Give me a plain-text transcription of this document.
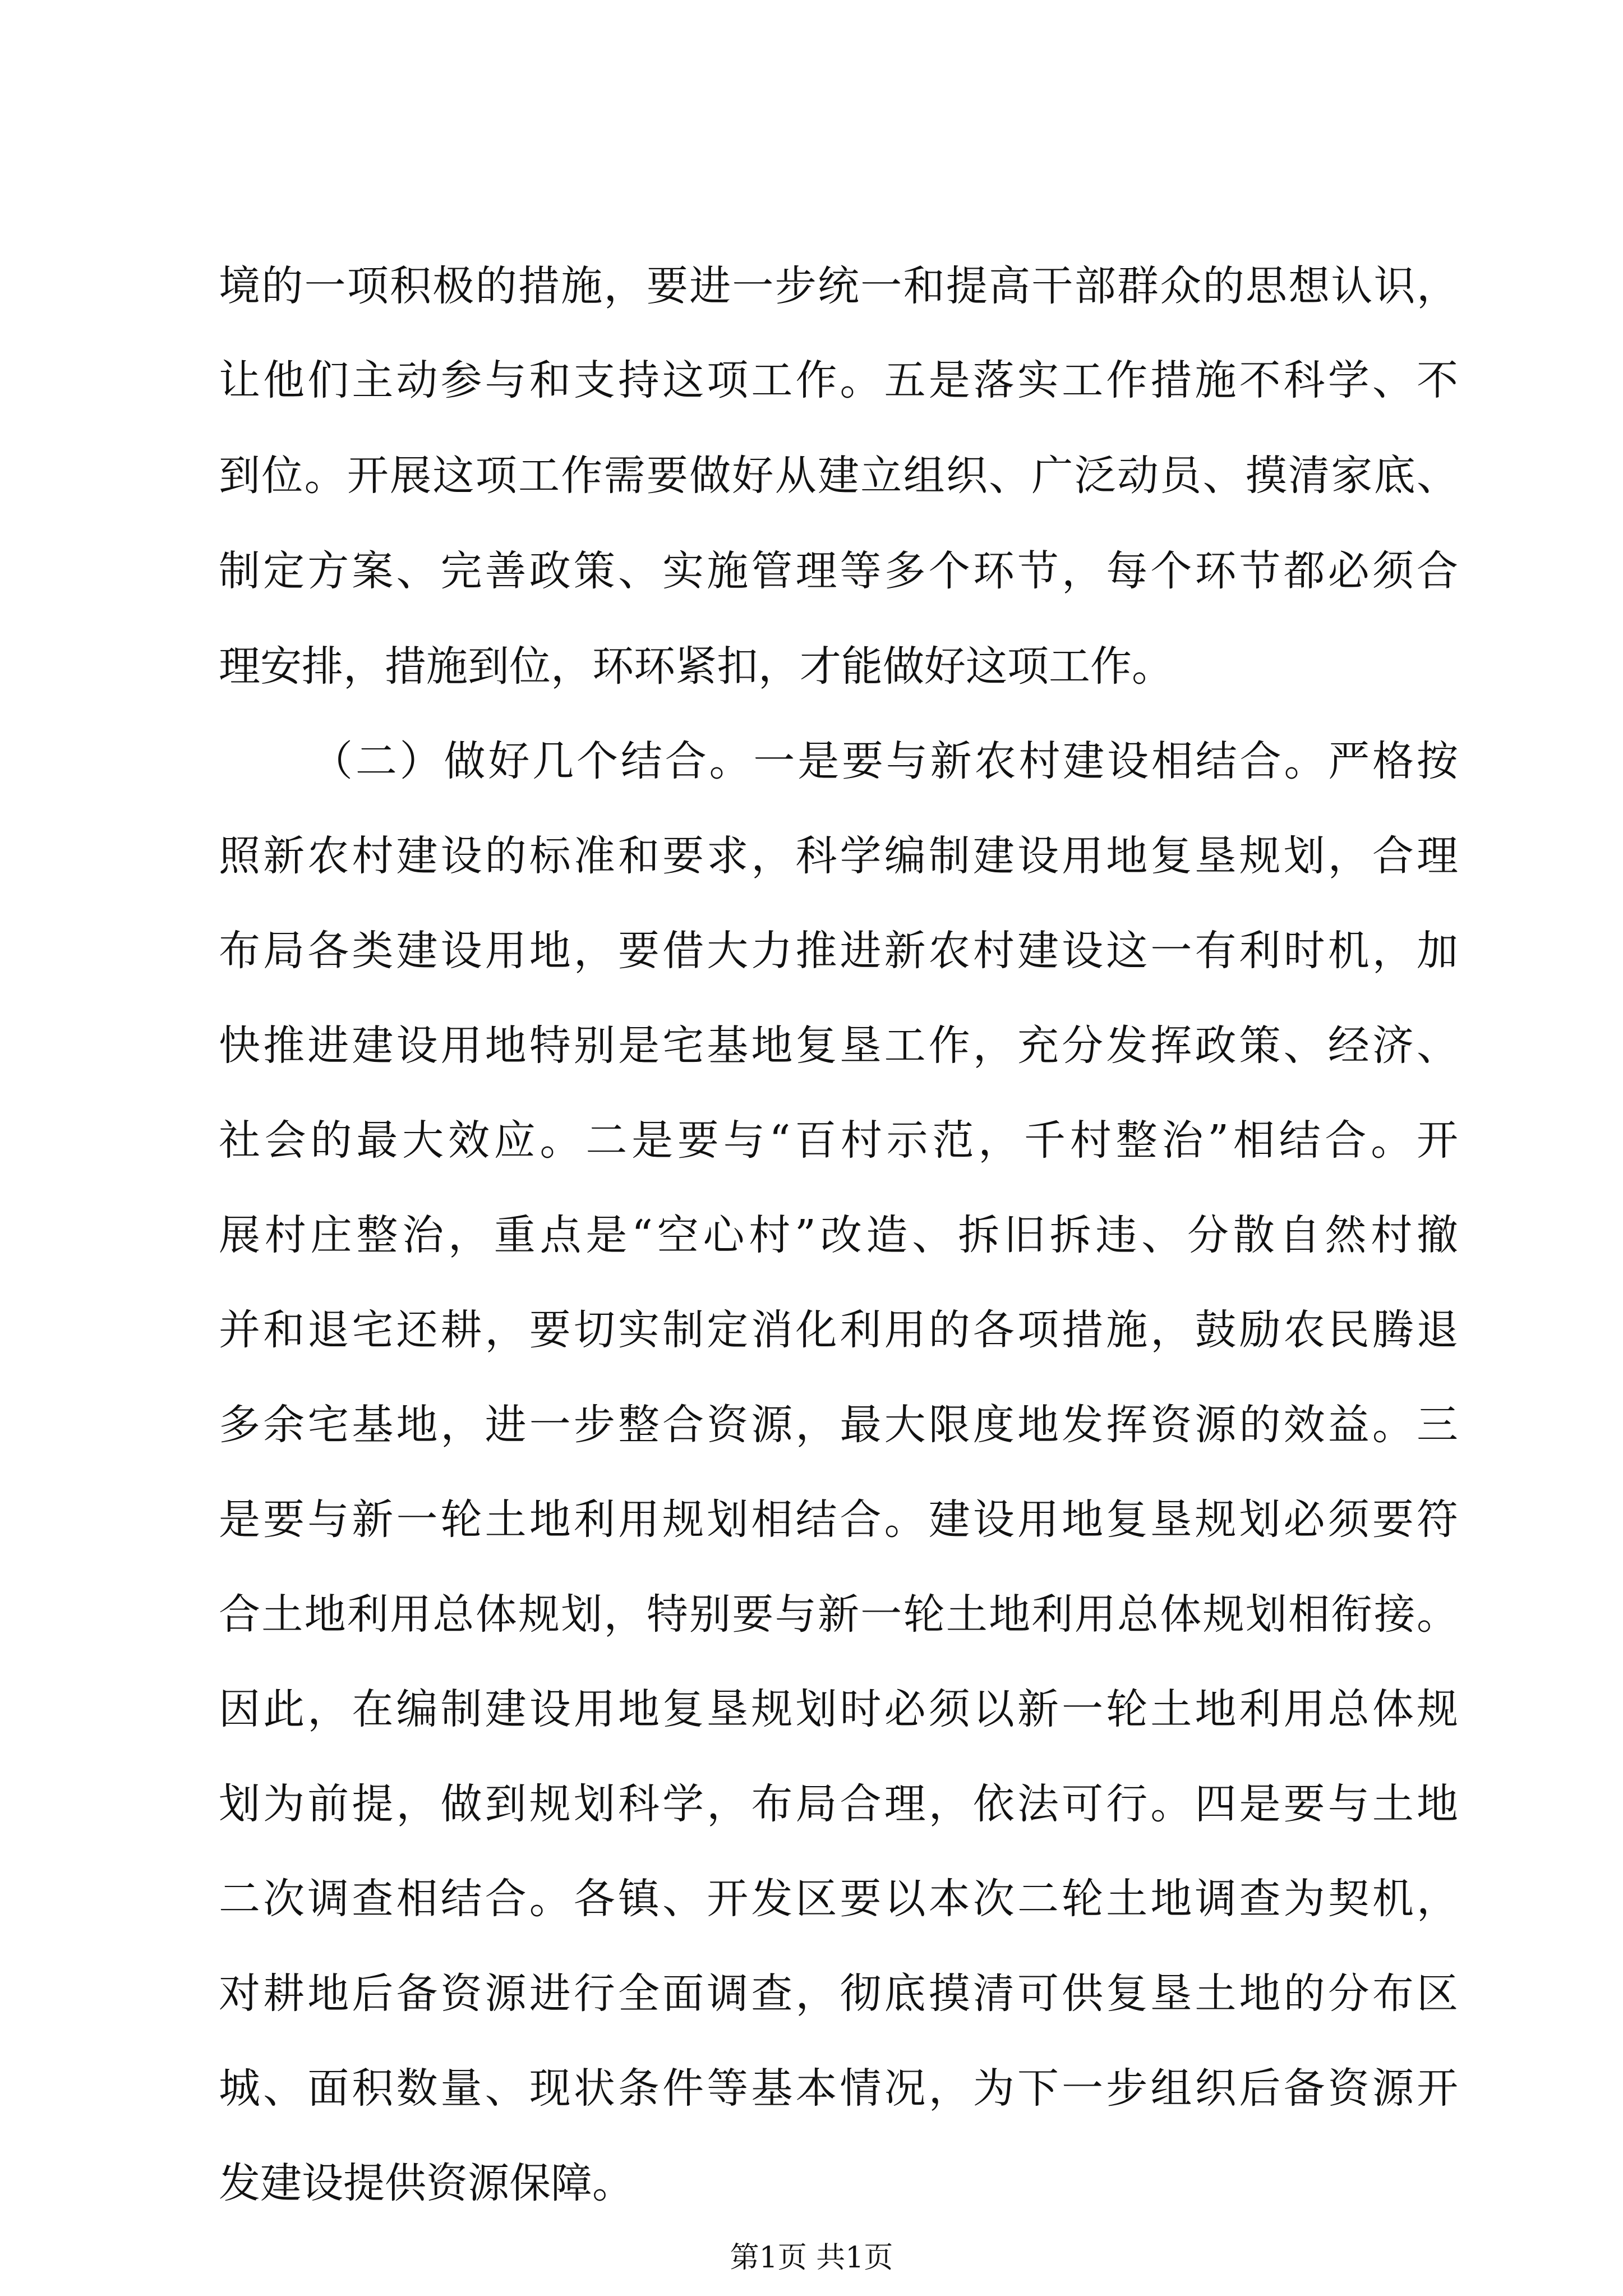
境的一项积极的措施，要进一步统一和提高干部群众的思想认识，
让他们主动参与和支持这项工作。五是落实工作措施不科学、不
到位。开展这项工作需要做好从建立组织、广泛动员、摸清家底、
制定方案、完善政策、实施管理等多个环节，每个环节都必须合
理安排，措施到位，环环紧扣，才能做好这项工作。
（二）做好几个结合。一是要与新农村建设相结合。严格按
照新农村建设的标准和要求，科学编制建设用地复垦规划，合理
布局各类建设用地，要借大力推进新农村建设这一有利时机，加
快推进建设用地特别是宅基地复垦工作，充分发挥政策、经济、
社会的最大效应。二是要与“百村示范，千村整治”相结合。开
展村庄整治，重点是“空心村”改造、拆旧拆违、分散自然村撤
并和退宅还耕，要切实制定消化利用的各项措施，鼓励农民腾退
多余宅基地，进一步整合资源，最大限度地发挥资源的效益。三
是要与新一轮土地利用规划相结合。建设用地复垦规划必须要符
合土地利用总体规划，特别要与新一轮土地利用总体规划相衔接。
因此，在编制建设用地复垦规划时必须以新一轮土地利用总体规
划为前提，做到规划科学，布局合理，依法可行。四是要与土地
二次调查相结合。各镇、开发区要以本次二轮土地调查为契机，
对耕地后备资源进行全面调查，彻底摸清可供复垦土地的分布区
城、面积数量、现状条件等基本情况，为下一步组织后备资源开
发建设提供资源保障。
第1页 共1页
